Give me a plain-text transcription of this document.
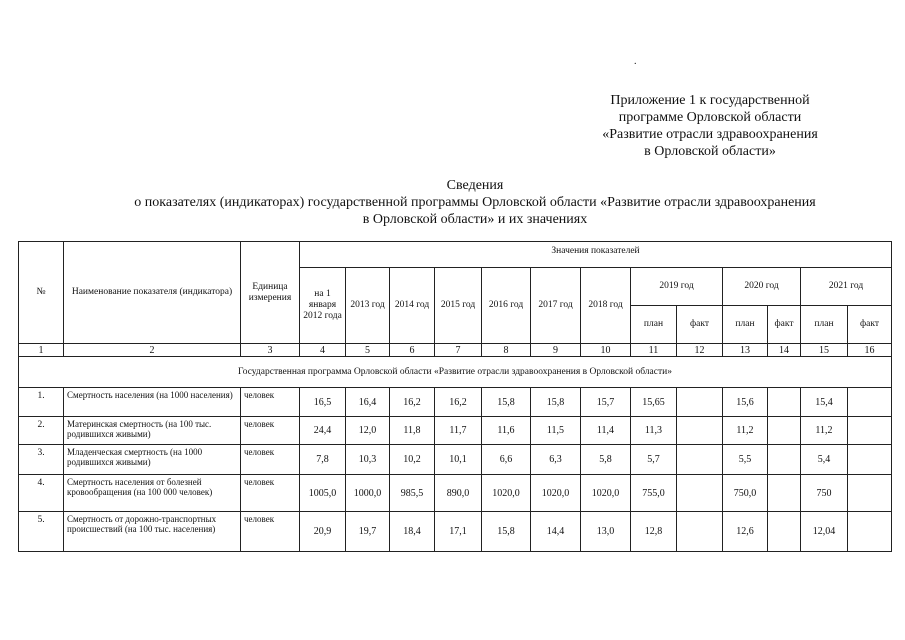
.
Приложение 1 к государственной
программе Орловской области
«Развитие отрасли здравоохранения
в Орловской области»
Сведения
о показателях (индикаторах) государственной программы Орловской области «Развитие отрасли здравоохранения
в Орловской области» и их значениях
№	Наименование показателя (индикатора)	Единица измерения	Значения показателей												
			на 1 января 2012 года	2013 год	2014 год	2015 год	2016 год	2017 год	2018 год	2019 год		2020 год		2021 год	
										план	факт	план	факт	план	факт
1	2	3	4	5	6	7	8	9	10	11	12	13	14	15	16
Государственная программа Орловской области «Развитие отрасли здравоохранения в Орловской области»															
1.	Смертность населения (на 1000 населения)	человек	16,5	16,4	16,2	16,2	15,8	15,8	15,7	15,65		15,6		15,4	
2.	Материнская смертность (на 100 тыс. родившихся живыми)	человек	24,4	12,0	11,8	11,7	11,6	11,5	11,4	11,3		11,2		11,2	
3.	Младенческая смертность (на 1000 родившихся живыми)	человек	7,8	10,3	10,2	10,1	6,6	6,3	5,8	5,7		5,5		5,4	
4.	Смертность населения от болезней кровообращения (на 100 000 человек)	человек	1005,0	1000,0	985,5	890,0	1020,0	1020,0	1020,0	755,0		750,0		750	
5.	Смертность от дорожно-транспортных происшествий (на 100 тыс. населения)	человек	20,9	19,7	18,4	17,1	15,8	14,4	13,0	12,8		12,6		12,04	
